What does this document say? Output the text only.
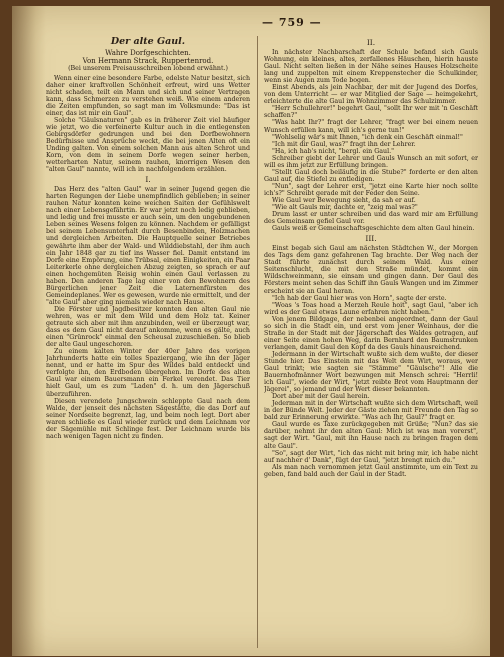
— 759 —
Der alte Gaul.
Wahre Dorfgeschichten.
Von Hermann Strack, Ruppertenrod.
(Bei unserem Preisausschreiben lobend erwähnt.)

Wenn einer eine besondere Farbe, edelste Natur besitzt, sich daher einer kraftvollen Schönheit erfreut, wird uns Wetter nicht schaden, teilt ein Mann und sich und seiner Vertragen kann, dass Schmerzen zu verstehen weiß. Wie einem anderen die Zeiten empfunden, so sagt man im Volksmunde: "Das ist einer, das ist mir ein Gaul".

Solche "Gäulsnaturen" gab es in früherer Zeit viel häufiger wie jetzt, wo die verfeinerte Kultur auch in die entlegensten Gebirgsdörfer gedrungen und bei den Dorfbewohnern Bedürfnisse und Ansprüche weckt, die bei jenen Alten oft ein Unding galten. Von einem solchen Mann aus alten Schrot und Korn, von dem in seinem Dorfe wegen seiner herben, wetterharten Natur, seinem rauhen, knorrigen Wesen den "alten Gaul" nannte, will ich in nachfolgendem erzählen.

I.

Das Herz des "alten Gaul" war in seiner Jugend gegen die harten Regungen der Liebe unempfindlich geblieben; in seiner rauhen Natur konnten keine weichen Saiten der Gefühlswelt nach einer Lebensgefährtin. Er war jetzt noch ledig geblieben, und ledig und frei musste er auch sein, um den ungebundenen Leben seines Wesens folgen zu können. Nachdem er gefälligst bei seinem Lebensunterhalt durch Besenbinden, Holzmachen und dergleichen Arbeiten. Die Hauptquelle seiner Betriebes gewährte ihm aber der Wald- und Wilddiebstahl, der ihm auch ein Jahr 1848 gar zu tief ins Wasser fiel. Damit entstand im Dorfe eine Empörung, eine Trübsal, einen Einigkeiten, ein Paar Leiterkerle ohne dergleichen Abzug zeigten, so sprach er auf einen hochgemüten Reisig wohin einen Gaul verlassen zu haben. Den anderen Tage lag einer von den Bewohnern des Bürgerlichen jener Zeit die Laternenfürsten des Gemeindeplanes. Wer es gewesen, wurde nie ermittelt, und der "alte Gaul" aber ging niemals wieder nach Hause.

Die Förster und Jagdbesitzer konnten den alten Gaul nie wehren, was er mit dem Wild und dem Holz tat. Keiner getraute sich aber mit ihm anzubinden, weil er überzeugt war, dass es dem Gaul nicht darauf ankomme, wenn es gälte, auch einen "Grünrock" einmal den Scheusal zuzuschießen. So blieb der alte Gaul ungeschoren.

Zu einem kalten Winter der 40er Jahre des vorigen Jahrhunderts hatte ein tolles Spaziergang, wie ihn der Jäger nennt, und er hatte im Spur des Wildes bald entdeckt und verfolgte ihn, den Erdboden übergehen. Im Dorfe des alten Gaul war einem Bauersmann ein Ferkel verendet. Das Tier hielt Gaul, um es zum "Laden" d. h. um den Jägerschuß überzuführen.

Diesen verendete Jungschwein schleppte Gaul nach dem Walde, der jenseit des nächsten Sägestätte, die das Dorf auf seiner Nordseite begrenzt, lag, und beim noch legt. Dort aber waren schließe es Gaul wieder zurück und dem Leichnam vor der Sägemühle mit Schlinge fest. Der Leichnam wurde bis nach wenigen Tagen nicht zu finden.

II.

In nächster Nachbarschaft der Schule befand sich Gauls Wohnung, ein kleines, altes, zerfallenes Häuschen, hierin hauste Gaul. Nicht selten ließen in der Nähe seines Hauses Holzscheite lang und zuppelten mit einem Kreppenstecher die Schulkinder, wenn sie Augen zum Tode bogen.

Einst Abends, als jein Nachbar, der mit der Jugend des Dorfes, von dem Unterricht — er war Mitglied der Sage — heimgekehrt, erleichterte die alte Gaul im Wohnzimmer das Schulzimmer.

"Herr Schullehrer!" begehrt Gaul, "sollt Ihr wer mit 'n Geschäft schaffen?"

"Was habt Ihr?" fragt der Lehrer, "fragt wer bei einem neuen Wunsch erfüllen kann, will ich's gerne tun!"

"Wohlselig wär's mit Ihnen, "ich denk ein Geschäft einmal!"

"Ich mit dir Gaul, was?" fragt ihn der Lehrer.

"Ha, ich hab's nicht, "bergl. ein Gaul."

Schreiber giebt der Lehrer und Gauls Wunsch an mit sofort, er will es ihm jetzt zur Erfüllung bringen.

"Stellt Gaul doch beiläufig in die Stube?" forderte er den alten Gaul auf, die Stiefel zu entledigen.

"Nun", sagt der Lehrer erst, "jetzt eine Karte hier noch sollte ich's?" Schreibt gerade mit der Feder den Seine.

Wie Gaul wer Bewegung sieht, da sah er auf.

"Wie alt Gauls mir, dachte er, "zeig mal was?"

Drum lasst er unter schreiben und das ward mir am Erfüllung des Gemeinsam gefiel Gaul vor.

Gauls weiß er Gemeinschaftsgeschichte dem alten Gaul hinein.

III.

Einst begab sich Gaul am nächsten Städtchen W., der Morgen des Tags dem ganz gefahrenen Tag brachte. Der Weg nach der Stadt führte zunächst durch seinem Wald. Aus einer Seitenschlucht, die mit den Straße mündet, kommt ein Wildschweinmann, sie einsam und gingen dann. Der Gaul des Försters meint sehen das Schiff ihn Gauls Wangen und im Zimmer erscheint sie an Gaul heran.

"Ich hab der Gaul hier was von Horn", sagte der erste.

"Woas 's Toas hoad a Merzeh Reule hoit", sagt Gaul, "aber ich wird es der Gaul etwas Laune erfahren nicht haben."

Von jenem Bildgage, der nebenbei angeordnet, dann der Gaul so sich in die Stadt ein, und erst vom jener Weinhaus, der die Straße in der Stadt mit der Jägerschaft des Waldes getragen, auf einer Seite einen hohen Weg, darin Bernhard den Baumstrunken verlangen, damit Gaul den Kopf da des Gauls hinausreichend.

Jedermann in der Wirtschaft wußte sich dem wußte, der dieser Stunde hier. Das Einstein mit das Welt dem Wirt, woraus, wer Gaul trinkt; wie sagten sie "Stämme" "Gäulsche"! Alle die Bauernhofmänner Wort bezwungen mit Mensch schrei: "Herrli! ich Gaul", wiede der Wirt, "jetzt reibte Brot vom Hauptmann der Jägerei", so jemand und der Wert dieser bekannten.

Dort aber mit der Gaul herein.

Jederman mit in der Wirtschaft wußte sich dem Wirtschaft, weil in der Bünde Welt. Jeder der Gäste ziehen mit Freunde den Tag so bald zur Erinnerung erwirkte. "Was ach Ihr, Gaul?" fragt er.

Gaul wurde es Taxe zurückgegeben mit Grüße; "Nun? das sie darüber, nehmt ihr den alten Gaul: Mich ist was man vorerst", sagt der Wirt. "Gaul, mit ihn Hause nach zu bringen fragen dem alte Gaul".

"So", sagt der Wirt, "ich das nicht mit bring mir, ich habe nicht auf nachher d' Dank", fügt der Gaul, "jetzt brengt mich du."

Als man nach vernommen jetzt Gaul anstimmte, um ein Text zu geben, fand bald auch der Gaul in der Stadt.
